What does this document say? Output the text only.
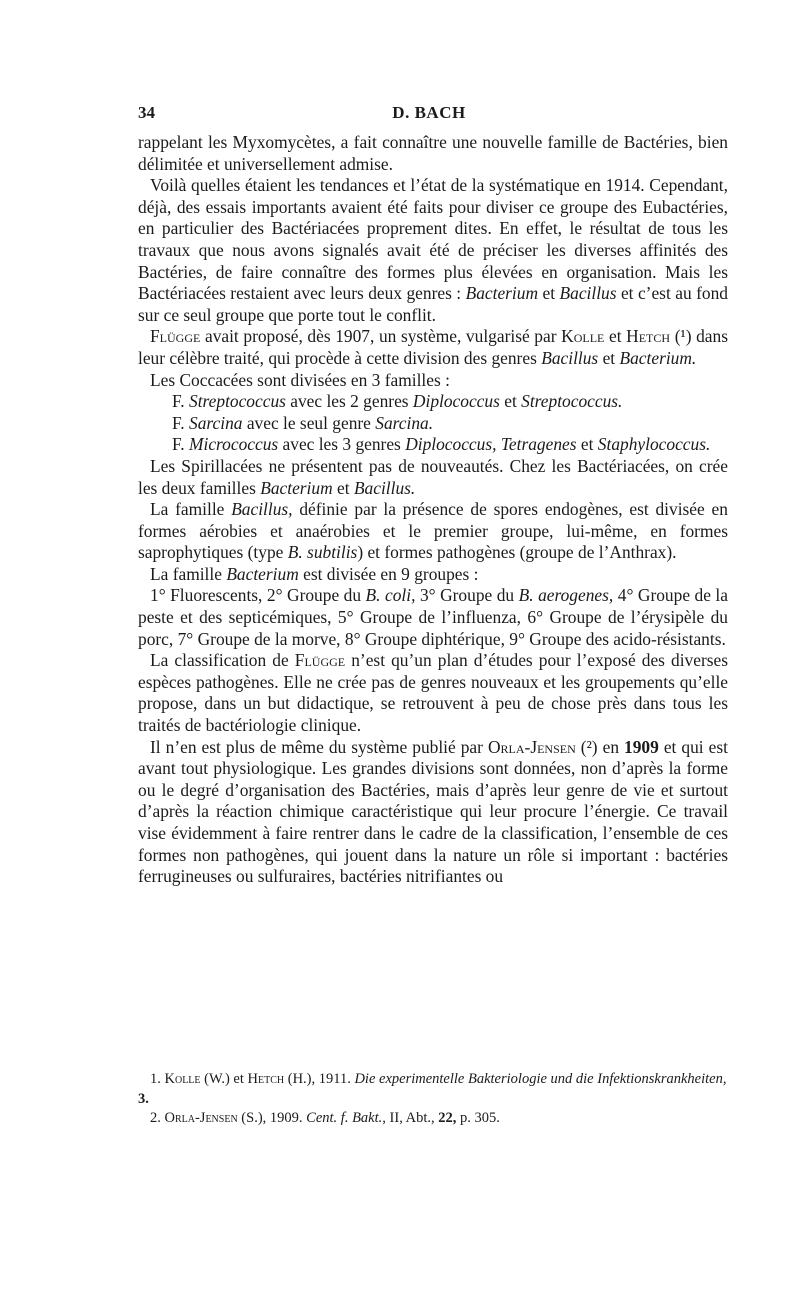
34	D. BACH

rappelant les Myxomycètes, a fait connaître une nouvelle famille de Bactéries, bien délimitée et universellement admise.

Voilà quelles étaient les tendances et l’état de la systématique en 1914. Cependant, déjà, des essais importants avaient été faits pour diviser ce groupe des Eubactéries, en particulier des Bactériacées proprement dites. En effet, le résultat de tous les travaux que nous avons signalés avait été de préciser les diverses affinités des Bactéries, de faire connaître des formes plus élevées en organisation. Mais les Bactériacées restaient avec leurs deux genres : Bacterium et Bacillus et c’est au fond sur ce seul groupe que porte tout le conflit.

Flügge avait proposé, dès 1907, un système, vulgarisé par Kolle et Hetch (¹) dans leur célèbre traité, qui procède à cette division des genres Bacillus et Bacterium.

Les Coccacées sont divisées en 3 familles :

F. Streptococcus avec les 2 genres Diplococcus et Streptococcus.

F. Sarcina avec le seul genre Sarcina.

F. Micrococcus avec les 3 genres Diplococcus, Tetragenes et Staphylococcus.

Les Spirillacées ne présentent pas de nouveautés. Chez les Bactériacées, on crée les deux familles Bacterium et Bacillus.

La famille Bacillus, définie par la présence de spores endogènes, est divisée en formes aérobies et anaérobies et le premier groupe, lui-même, en formes saprophytiques (type B. subtilis) et formes pathogènes (groupe de l’Anthrax).

La famille Bacterium est divisée en 9 groupes :

1° Fluorescents, 2° Groupe du B. coli, 3° Groupe du B. aerogenes, 4° Groupe de la peste et des septicémiques, 5° Groupe de l’influenza, 6° Groupe de l’érysipèle du porc, 7° Groupe de la morve, 8° Groupe diphtérique, 9° Groupe des acido-résistants.

La classification de Flügge n’est qu’un plan d’études pour l’exposé des diverses espèces pathogènes. Elle ne crée pas de genres nouveaux et les groupements qu’elle propose, dans un but didactique, se retrouvent à peu de chose près dans tous les traités de bactériologie clinique.

Il n’en est plus de même du système publié par Orla-Jensen (²) en 1909 et qui est avant tout physiologique. Les grandes divisions sont données, non d’après la forme ou le degré d’organisation des Bactéries, mais d’après leur genre de vie et surtout d’après la réaction chimique caractéristique qui leur procure l’énergie. Ce travail vise évidemment à faire rentrer dans le cadre de la classification, l’ensemble de ces formes non pathogènes, qui jouent dans la nature un rôle si important : bactéries ferrugineuses ou sulfuraires, bactéries nitrifiantes ou

1. Kolle (W.) et Hetch (H.), 1911. Die experimentelle Bakteriologie und die Infektionskrankheiten, 3.

2. Orla-Jensen (S.), 1909. Cent. f. Bakt., II, Abt., 22, p. 305.
